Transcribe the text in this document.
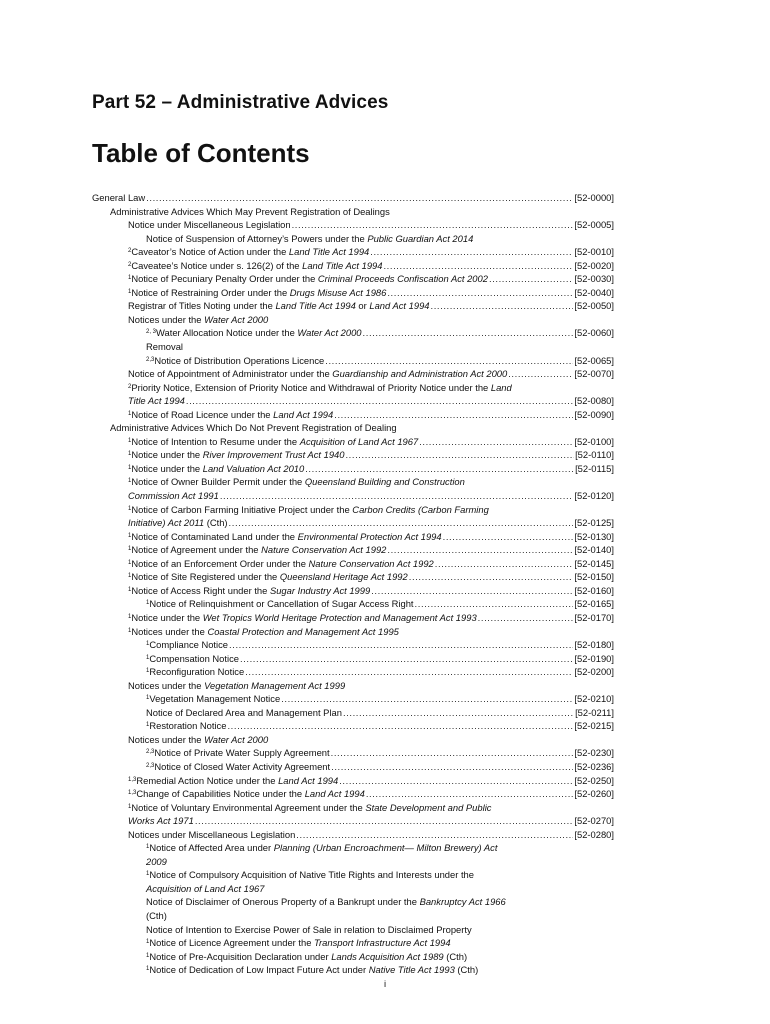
Part 52 – Administrative Advices
Table of Contents
General Law .....	[52-0000]
Administrative Advices Which May Prevent Registration of Dealings
Notice under Miscellaneous Legislation .....	[52-0005]
Notice of Suspension of Attorney’s Powers under the Public Guardian Act 2014
$^2$Caveator’s Notice of Action under the Land Title Act 1994 .....	[52-0010]
$^2$Caveatee’s Notice under s. 126(2) of the Land Title Act 1994 .....	[52-0020]
$^1$Notice of Pecuniary Penalty Order under the Criminal Proceeds Confiscation Act 2002 .....	[52-0030]
$^1$Notice of Restraining Order under the Drugs Misuse Act 1986 .....	[52-0040]
Registrar of Titles Noting under the Land Title Act 1994 or Land Act 1994 .....	[52-0050]
Notices under the Water Act 2000
$^{2, 3}$Water Allocation Notice under the Water Act 2000 .....	[52-0060]
Removal
$^{2,3}$Notice of Distribution Operations Licence .....	[52-0065]
Notice of Appointment of Administrator under the Guardianship and Administration Act 2000 .....	[52-0070]
$^2$Priority Notice, Extension of Priority Notice and Withdrawal of Priority Notice under the Land
Title Act 1994 .....	[52-0080]
$^1$Notice of Road Licence under the Land Act 1994 .....	[52-0090]
Administrative Advices Which Do Not Prevent Registration of Dealing
$^1$Notice of Intention to Resume under the Acquisition of Land Act 1967 .....	[52-0100]
$^1$Notice under the River Improvement Trust Act 1940 .....	[52-0110]
$^1$Notice under the Land Valuation Act 2010 .....	[52-0115]
$^1$Notice of Owner Builder Permit under the Queensland Building and Construction
Commission Act 1991 .....	[52-0120]
$^1$Notice of Carbon Farming Initiative Project under the Carbon Credits (Carbon Farming
Initiative) Act 2011 (Cth) .....	[52-0125]
$^1$Notice of Contaminated Land under the Environmental Protection Act 1994 .....	[52-0130]
$^1$Notice of Agreement under the Nature Conservation Act 1992 .....	[52-0140]
$^1$Notice of an Enforcement Order under the Nature Conservation Act 1992 .....	[52-0145]
$^1$Notice of Site Registered under the Queensland Heritage Act 1992 .....	[52-0150]
$^1$Notice of Access Right under the Sugar Industry Act 1999 .....	[52-0160]
$^1$Notice of Relinquishment or Cancellation of Sugar Access Right .....	[52-0165]
$^1$Notice under the Wet Tropics World Heritage Protection and Management Act 1993 .....	[52-0170]
$^1$Notices under the Coastal Protection and Management Act 1995
$^1$Compliance Notice .....	[52-0180]
$^1$Compensation Notice .....	[52-0190]
$^1$Reconfiguration Notice .....	[52-0200]
Notices under the Vegetation Management Act 1999
$^1$Vegetation Management Notice .....	[52-0210]
Notice of Declared Area and Management Plan .....	[52-0211]
$^1$Restoration Notice .....	[52-0215]
Notices under the Water Act 2000
$^{2,3}$Notice of Private Water Supply Agreement .....	[52-0230]
$^{2,3}$Notice of Closed Water Activity Agreement .....	[52-0236]
$^{1,3}$Remedial Action Notice under the Land Act 1994 .....	[52-0250]
$^{1,3}$Change of Capabilities Notice under the Land Act 1994 .....	[52-0260]
$^1$Notice of Voluntary Environmental Agreement under the State Development and Public
Works Act 1971 .....	[52-0270]
Notices under Miscellaneous Legislation .....	[52-0280]
$^1$Notice of Affected Area under Planning (Urban Encroachment— Milton Brewery) Act
2009
$^1$Notice of Compulsory Acquisition of Native Title Rights and Interests under the
Acquisition of Land Act 1967
Notice of Disclaimer of Onerous Property of a Bankrupt under the Bankruptcy Act 1966
(Cth)
Notice of Intention to Exercise Power of Sale in relation to Disclaimed Property
$^1$Notice of Licence Agreement under the Transport Infrastructure Act 1994
$^1$Notice of Pre-Acquisition Declaration under Lands Acquisition Act 1989 (Cth)
$^1$Notice of Dedication of Low Impact Future Act under Native Title Act 1993 (Cth)
i
